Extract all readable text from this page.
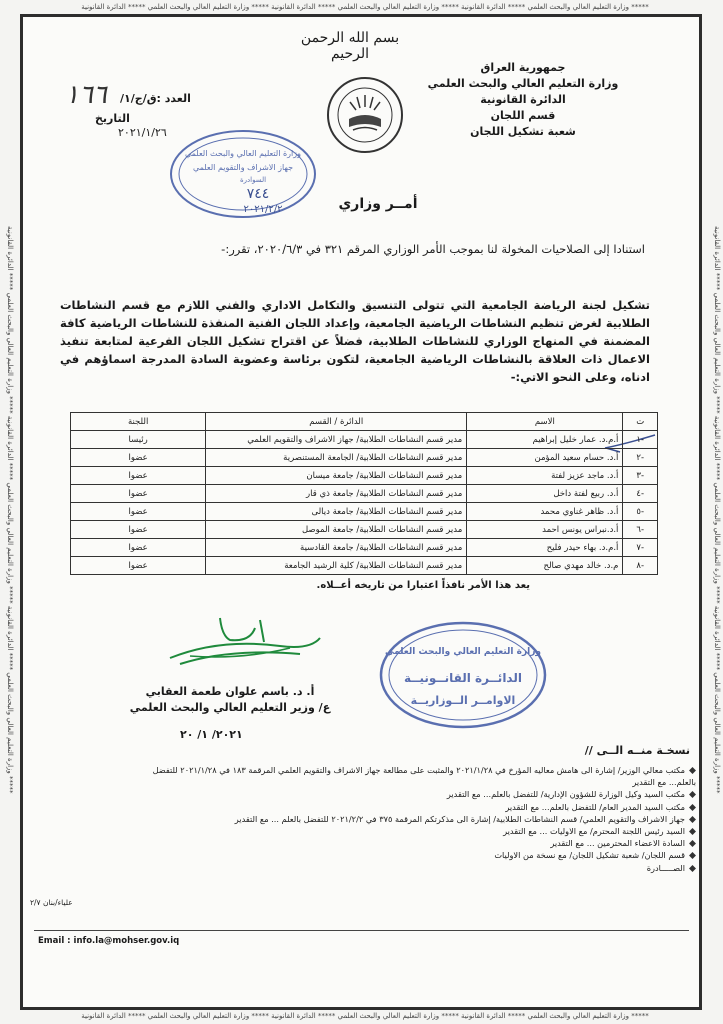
وزارة التعليم العالي والبحث العلمي ***** الدائرة القانونية ***** وزارة التعليم العالي والبحث العلمي ***** الدائرة القانونية ***** وزارة التعليم العالي والبحث العلمي ***** الدائرة القانونية *****
وزارة التعليم العالي والبحث العلمي ***** الدائرة القانونية ***** وزارة التعليم العالي والبحث العلمي ***** الدائرة القانونية ***** وزارة التعليم العالي والبحث العلمي ***** الدائرة القانونية *****
وزارة التعليم العالي والبحث العلمي ***** الدائرة القانونية ***** وزارة التعليم العالي والبحث العلمي ***** الدائرة القانونية ***** وزارة التعليم العالي والبحث العلمي ***** الدائرة القانونية *****
وزارة التعليم العالي والبحث العلمي ***** الدائرة القانونية ***** وزارة التعليم العالي والبحث العلمي ***** الدائرة القانونية ***** وزارة التعليم العالي والبحث العلمي ***** الدائرة القانونية *****
بسم الله الرحمن الرحيم
جمهورية العراق
وزارة التعليم العالي والبحث العلمي
الدائرة القانونية
قسم اللجان
شعبة تشكيل اللجان
١٦٦ العدد :ق/ج/١/
التاريخ
٢٠٢١/١/٢٦
وزارة التعليم العالي والبحث العلمي
جهاز الاشراف والتقويم العلمي
السوادرة
٧٤٤
٢٠٢١/٢/٢	أمــر وزاري
استنادا إلى الصلاحيات المخولة لنا بموجب الأمر الوزاري المرقم ٣٢١ في ٢٠٢٠/٦/٣، تقرر:-
تشكيل لجنة الرياضة الجامعية التي تتولى التنسيق والتكامل الاداري والفني اللازم مع قسم النشاطات الطلابية لغرض تنظيم النشاطات الرياضية الجامعية، وإعداد اللجان الفنية المنفذة للنشاطات الرياضية كافة المضمنة في المنهاج الوزاري للنشاطات الطلابية، فضلاً عن اقتراح تشكيل اللجان الفرعية لمتابعة تنفيذ الاعمال ذات العلاقة بالنشاطات الرياضية الجامعية، لتكون برئاسة وعضوية السادة المدرجة اسماؤهم في ادناه، وعلى النحو الاتي:-
ت	الاسم	الدائرة / القسم	اللجنة
-١	أ.م.د. عمار خليل إبراهيم	مدير قسم النشاطات الطلابية/ جهاز الاشراف والتقويم العلمي	رئيسا
-٢	أ.د. حسام سعيد المؤمن	مدير قسم النشاطات الطلابية/ الجامعة المستنصرية	عضوا
-٣	أ.د. ماجد عزيز لفتة	مدير قسم النشاطات الطلابية/ جامعة ميسان	عضوا
-٤	أ.د. ربيع لفتة داخل	مدير قسم النشاطات الطلابية/ جامعة ذي قار	عضوا
-٥	أ.د. ظاهر غناوي محمد	مدير قسم النشاطات الطلابية/ جامعة ديالى	عضوا
-٦	أ.د.نبراس يونس احمد	مدير قسم النشاطات الطلابية/ جامعة الموصل	عضوا
-٧	أ.م.د. بهاء حيدر فليح	مدير قسم النشاطات الطلابية/ جامعة القادسية	عضوا
-٨	م.د. خالد مهدي صالح	مدير قسم النشاطات الطلابية/ كلية الرشيد الجامعة	عضوا
يعد هذا الأمر نافذاً اعتبارا من تاريخه أعــلاه.
وزارة التعليم العالي والبحث العلمي
الدائــرة القانــونيــة
الاوامــر الــوزاريــة
أ. د. باسم علوان طعمة العقابي
ع/ وزير التعليم العالي والبحث العلمي
٢٠٢١/ ١/ ٢٠
نسخـة منــه الــى //
مكتب معالي الوزير/ إشارة الى هامش معاليه المؤرخ في ٢٠٢١/١/٢٨ والمثبت على مطالعة جهاز الاشراف والتقويم العلمي المرقمة ١٨٣ في ٢٠٢١/١/٢٨ للتفضل
بالعلم... مع التقدير
مكتب السيد وكيل الوزارة للشؤون الإدارية/ للتفضل بالعلم... مع التقدير
مكتب السيد المدير العام/ للتفضل بالعلم... مع التقدير
جهاز الاشراف والتقويم العلمي/ قسم النشاطات الطلابية/ إشارة الى مذكرتكم المرقمة ٣٧٥ في ٢٠٢١/٢/٢ للتفضل بالعلم ... مع التقدير
السيد رئيس اللجنة المحترم/ مع الاوليات ... مع التقدير
السادة الاعضاء المحترمين ... مع التقدير
قسم اللجان/ شعبة تشكيل اللجان/ مع نسخة من الاوليات
الصـــــادرة
علياء/بنان ٢/٧
Email : info.la@mohser.gov.iq
